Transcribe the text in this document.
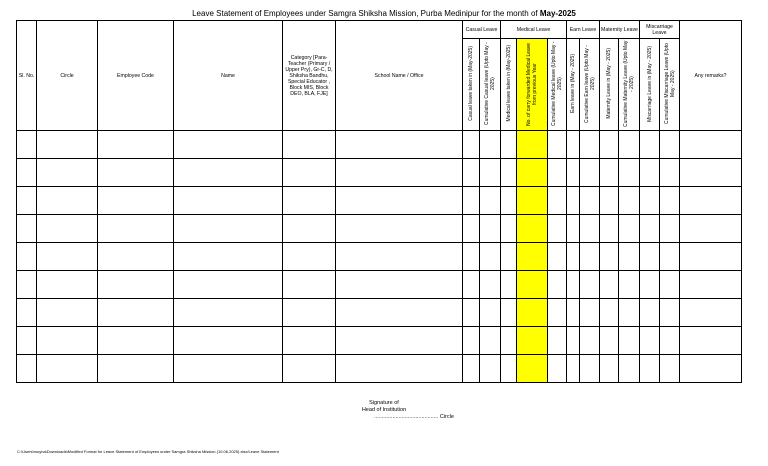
Leave Statement of Employees under Samgra Shiksha Mission, Purba Medinipur for the month of May-2025
Sl. No.	Circle	Employee Code	Name	Category [Para-Teacher (Primary / Upper Pry), Gr-C, D, Shiksha Bandhu, Special Educator , Block MIS, Block DEO, BLA, FJE]	School Name / Office	Casual Leave		Medical Leave			Earn Leave		Maternity Leave		Miscarriage Leave		Any remarks?
						Casual leave taken in (May-2025)	Cumulative Casual leave (Upto May - 2025)	Medical leave taken in (May-2025)	No. of carry forwarded Medical Leave from previous Year	Cumulative Medical leave (Upto May - 2025)	Earn leave in (May - 2025)	Cumulative Earn leave (Upto May - 2025)	Maternity Leave in (May - 2025)	Cumulative Maternity Leave (Upto May - 2025)	Miscarriage Leave in (May - 2025)	Cumulative Miscarriage Leave (Upto May - 2025)	

Signature of
Head of Institution
.......................................... Circle
C:\Users\moyna\Downloads\Modified Format for Leave Statement of Employees under Samgra Shiksha Mission (10.06.2025).xlsx/Leave Statement
